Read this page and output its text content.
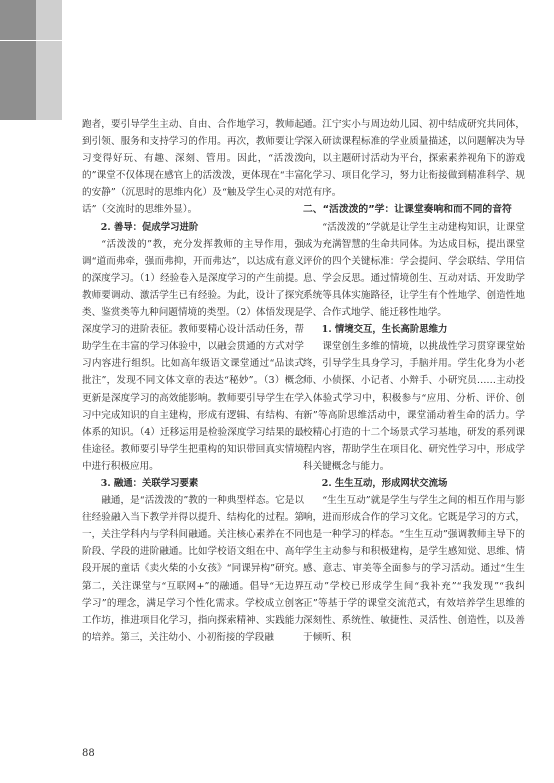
跑者，要引导学生主动、自由、合作地学习，教师起到引领、服务和支持学习的作用。再次，教师要让学习变得好玩、有趣、深刻、管用。因此，“活泼泼的”课堂不仅体现在感官上的活泼泼，更体现在“丰富的安静”（沉思时的思维内化）及“触及学生心灵的对话”（交流时的思维外显）。

2. 善导：促成学习进阶

“活泼泼的”教，充分发挥教师的主导作用，强调“道而弗牵，强而弗抑，开而弗达”，以达成有意义的深度学习。（1）经验卷入是深度学习的产生前提。教师要调动、激活学生已有经验。为此，设计了探究类、鉴赏类等九种问题情境的类型。（2）体悟发现是深度学习的进阶表征。教师要精心设计活动任务，帮助学生在丰富的学习体验中，以融会贯通的方式对学习内容进行组织。比如高年级语文课堂通过“品读式批注”，发现不同文体文章的表达“秘妙”。（3）概念更新是深度学习的高效能影响。教师要引导学生在学习中完成知识的自主建构，形成有逻辑、有结构、有体系的知识。（4）迁移运用是检验深度学习结果的最佳途径。教师要引导学生把重构的知识带回真实情境中进行积极应用。

3. 融通：关联学习要素

融通，是“活泼泼的”教的一种典型样态。它是以往经验融入当下教学并得以提升、结构化的过程。第一，关注学科内与学科间融通。关注核心素养在不同阶段、学段的进阶融通。比如学校语文组在中、高年段开展的童话《卖火柴的小女孩》“同课异构”研究。第二，关注课堂与“互联网+”的融通。倡导“无边界学习”的理念，满足学习个性化需求。学校成立创客工作坊，推进项目化学习，指向探索精神、实践能力的培养。第三，关注幼小、小初衔接的学段融

通。江宁实小与周边幼儿园、初中结成研究共同体，深入研读课程标准的学业质量描述，以问题解决为导向，以主题研讨活动为平台，探索素养视角下的游戏化学习、项目化学习，努力让衔接做到精准科学、规范有序。

二、“活泼泼的”学：让课堂奏响和而不同的音符

“活泼泼的”学就是让学生主动建构知识，让课堂成为充满智慧的生命共同体。为达成目标，提出课堂评价的四个关键标准：学会提问、学会联结、学用信息、学会反思。通过情境创生、互动对话、开发助学系统等具体实施路径，让学生有个性地学、创造性地学、合作式地学、能迁移性地学。

1. 情境交互，生长高阶思维力

课堂创生多维的情境，以挑战性学习贯穿课堂始终，引导学生具身学习，手脑并用。学生化身为小老师、小侦探、小记者、小辩手、小研究员……主动投入体验式学习中，积极参与“应用、分析、评价、创新”等高阶思维活动中，课堂涌动着生命的活力。学校精心打造的十二个场景式学习基地，研发的系列课程内容，帮助学生在项目化、研究性学习中，形成学科关键概念与能力。

2. 生生互动，形成网状交流场

“生生互动”就是学生与学生之间的相互作用与影响，进而形成合作的学习文化。它既是学习的方式，也是一种学习的样态。“生生互动”强调教师主导下的学生主动参与和积极建构，是学生感知觉、思维、情感、意志、审美等全面参与的学习活动。通过“生生互动”学校已形成学生间“我补充”“我发现”“我纠正”等基于学的课堂交流范式，有效培养学生思维的深刻性、系统性、敏捷性、灵活性、创造性，以及善于倾听、积

88
